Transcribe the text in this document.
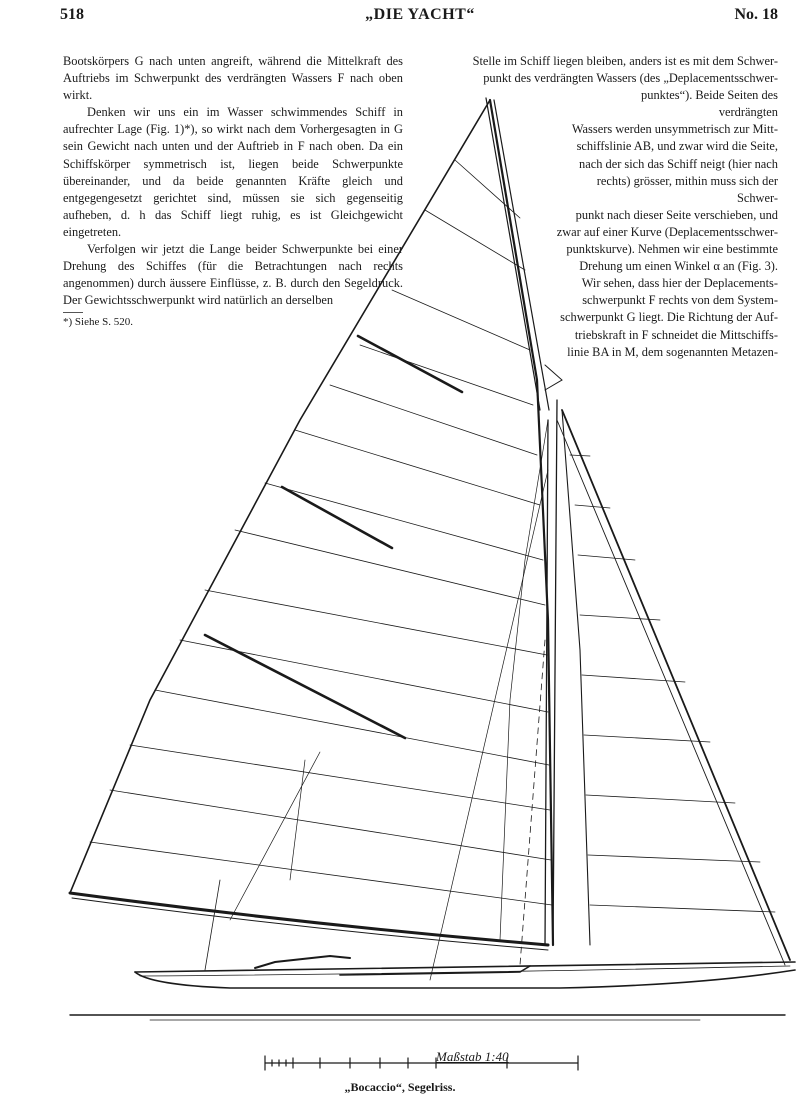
518	„DIE YACHT“	No. 18

Bootskörpers G nach unten angreift, während die Mittelkraft des Auftriebs im Schwerpunkt des verdrängten Wassers F nach oben wirkt.

Denken wir uns ein im Wasser schwimmendes Schiff in aufrechter Lage (Fig. 1)*), so wirkt nach dem Vorhergesagten in G sein Gewicht nach unten und der Auftrieb in F nach oben. Da ein Schiffskörper symmetrisch ist, liegen beide Schwerpunkte übereinander, und da beide genannten Kräfte gleich und entgegengesetzt gerichtet sind, müssen sie sich gegenseitig aufheben, d. h das Schiff liegt ruhig, es ist Gleichgewicht eingetreten.

Verfolgen wir jetzt die Lange beider Schwerpunkte bei einer Drehung des Schiffes (für die Betrachtungen nach rechts angenommen) durch äussere Einflüsse, z. B. durch den Segeldruck. Der Gewichtsschwerpunkt wird natürlich an derselben

*) Siehe S. 520.
Stelle im Schiff liegen bleiben, anders ist es mit dem Schwer-
punkt des verdrängten Wassers (des „Deplacementsschwer-
punktes“). Beide Seiten des verdrängten
Wassers werden unsymmetrisch zur Mitt-
schiffslinie AB, und zwar wird die Seite,
nach der sich das Schiff neigt (hier nach
rechts) grösser, mithin muss sich der Schwer-
punkt nach dieser Seite verschieben, und
zwar auf einer Kurve (Deplacementsschwer-
punktskurve). Nehmen wir eine bestimmte
Drehung um einen Winkel α an (Fig. 3).
Wir sehen, dass hier der Deplacements-
schwerpunkt F rechts von dem System-
schwerpunkt G liegt. Die Richtung der Auf-
triebskraft in F schneidet die Mittschiffs-
linie BA in M, dem sogenannten Metazen-
Maßstab 1:40
„Bocaccio“, Segelriss.
